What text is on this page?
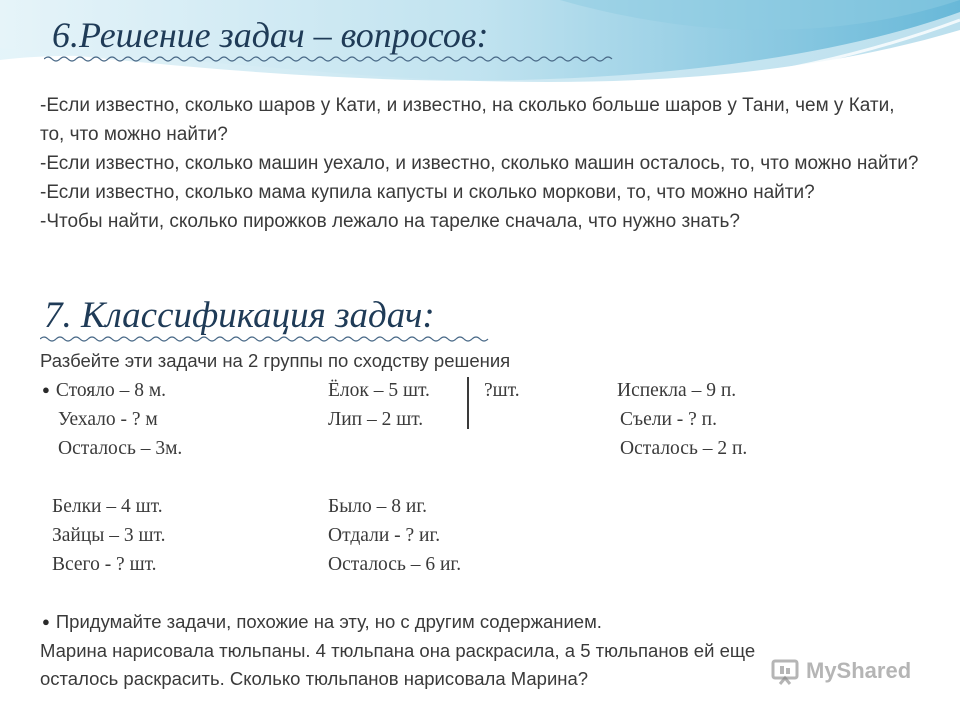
6.Решение задач – вопросов:

-Если известно, сколько шаров у Кати, и известно, на сколько больше шаров у Тани, чем у Кати, то, что можно найти?

-Если известно, сколько машин уехало, и известно, сколько машин осталось, то, что можно найти?

-Если известно, сколько мама купила капусты и сколько моркови, то, что можно найти?

-Чтобы найти, сколько пирожков лежало на тарелке сначала, что нужно знать?

7. Классификация задач:
Разбейте эти задачи на 2 группы по сходству решения
● Стояло – 8 м.
Уехало - ? м
Осталось – 3м.
Ёлок – 5 шт.
Лип – 2 шт.
?шт.	Испекла – 9 п.
Съели - ? п.
Осталось – 2 п.
Белки – 4 шт.
Зайцы – 3 шт.
Всего - ? шт.
Было – 8 иг.
Отдали - ? иг.
Осталось – 6 иг.
● Придумайте задачи, похожие на эту, но с другим содержанием.
Марина нарисовала тюльпаны. 4 тюльпана она раскрасила, а 5 тюльпанов ей еще
осталось раскрасить. Сколько тюльпанов нарисовала Марина?	MyShared
